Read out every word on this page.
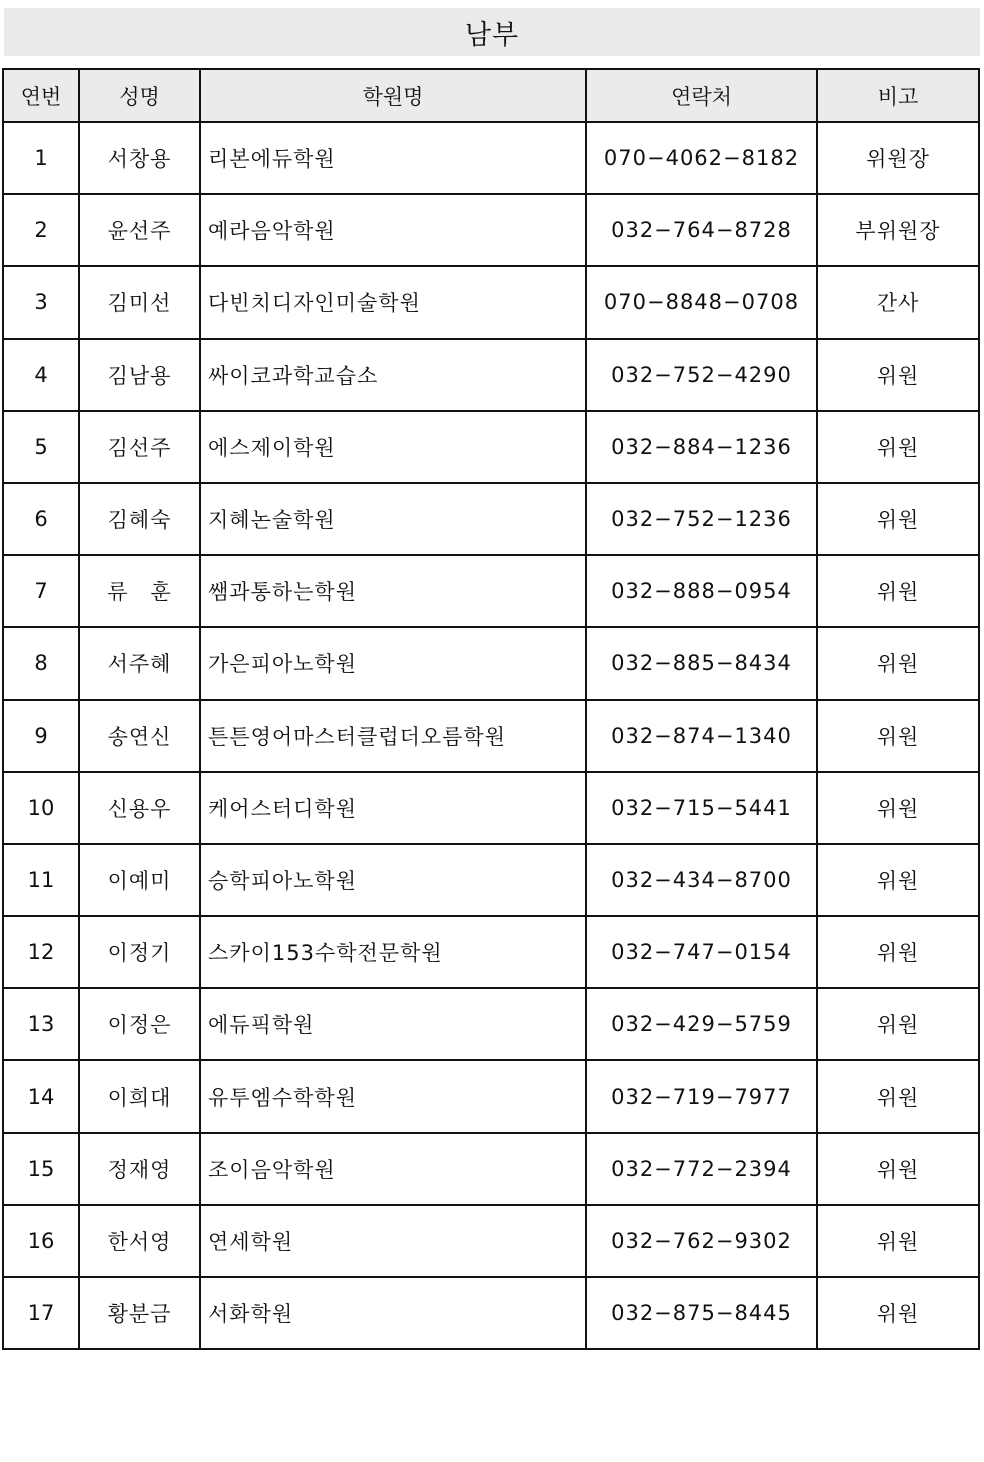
남부
연번	성명	학원명	연락처	비고
1	서창용	리본에듀학원	070−4062−8182	위원장
2	윤선주	예라음악학원	032−764−8728	부위원장
3	김미선	다빈치디자인미술학원	070−8848−0708	간사
4	김남용	싸이코과학교습소	032−752−4290	위원
5	김선주	에스제이학원	032−884−1236	위원
6	김혜숙	지혜논술학원	032−752−1236	위원
7	류　훈	쌤과통하는학원	032−888−0954	위원
8	서주혜	가은피아노학원	032−885−8434	위원
9	송연신	튼튼영어마스터클럽더오름학원	032−874−1340	위원
10	신용우	케어스터디학원	032−715−5441	위원
11	이예미	승학피아노학원	032−434−8700	위원
12	이정기	스카이153수학전문학원	032−747−0154	위원
13	이정은	에듀픽학원	032−429−5759	위원
14	이희대	유투엠수학학원	032−719−7977	위원
15	정재영	조이음악학원	032−772−2394	위원
16	한서영	연세학원	032−762−9302	위원
17	황분금	서화학원	032−875−8445	위원
